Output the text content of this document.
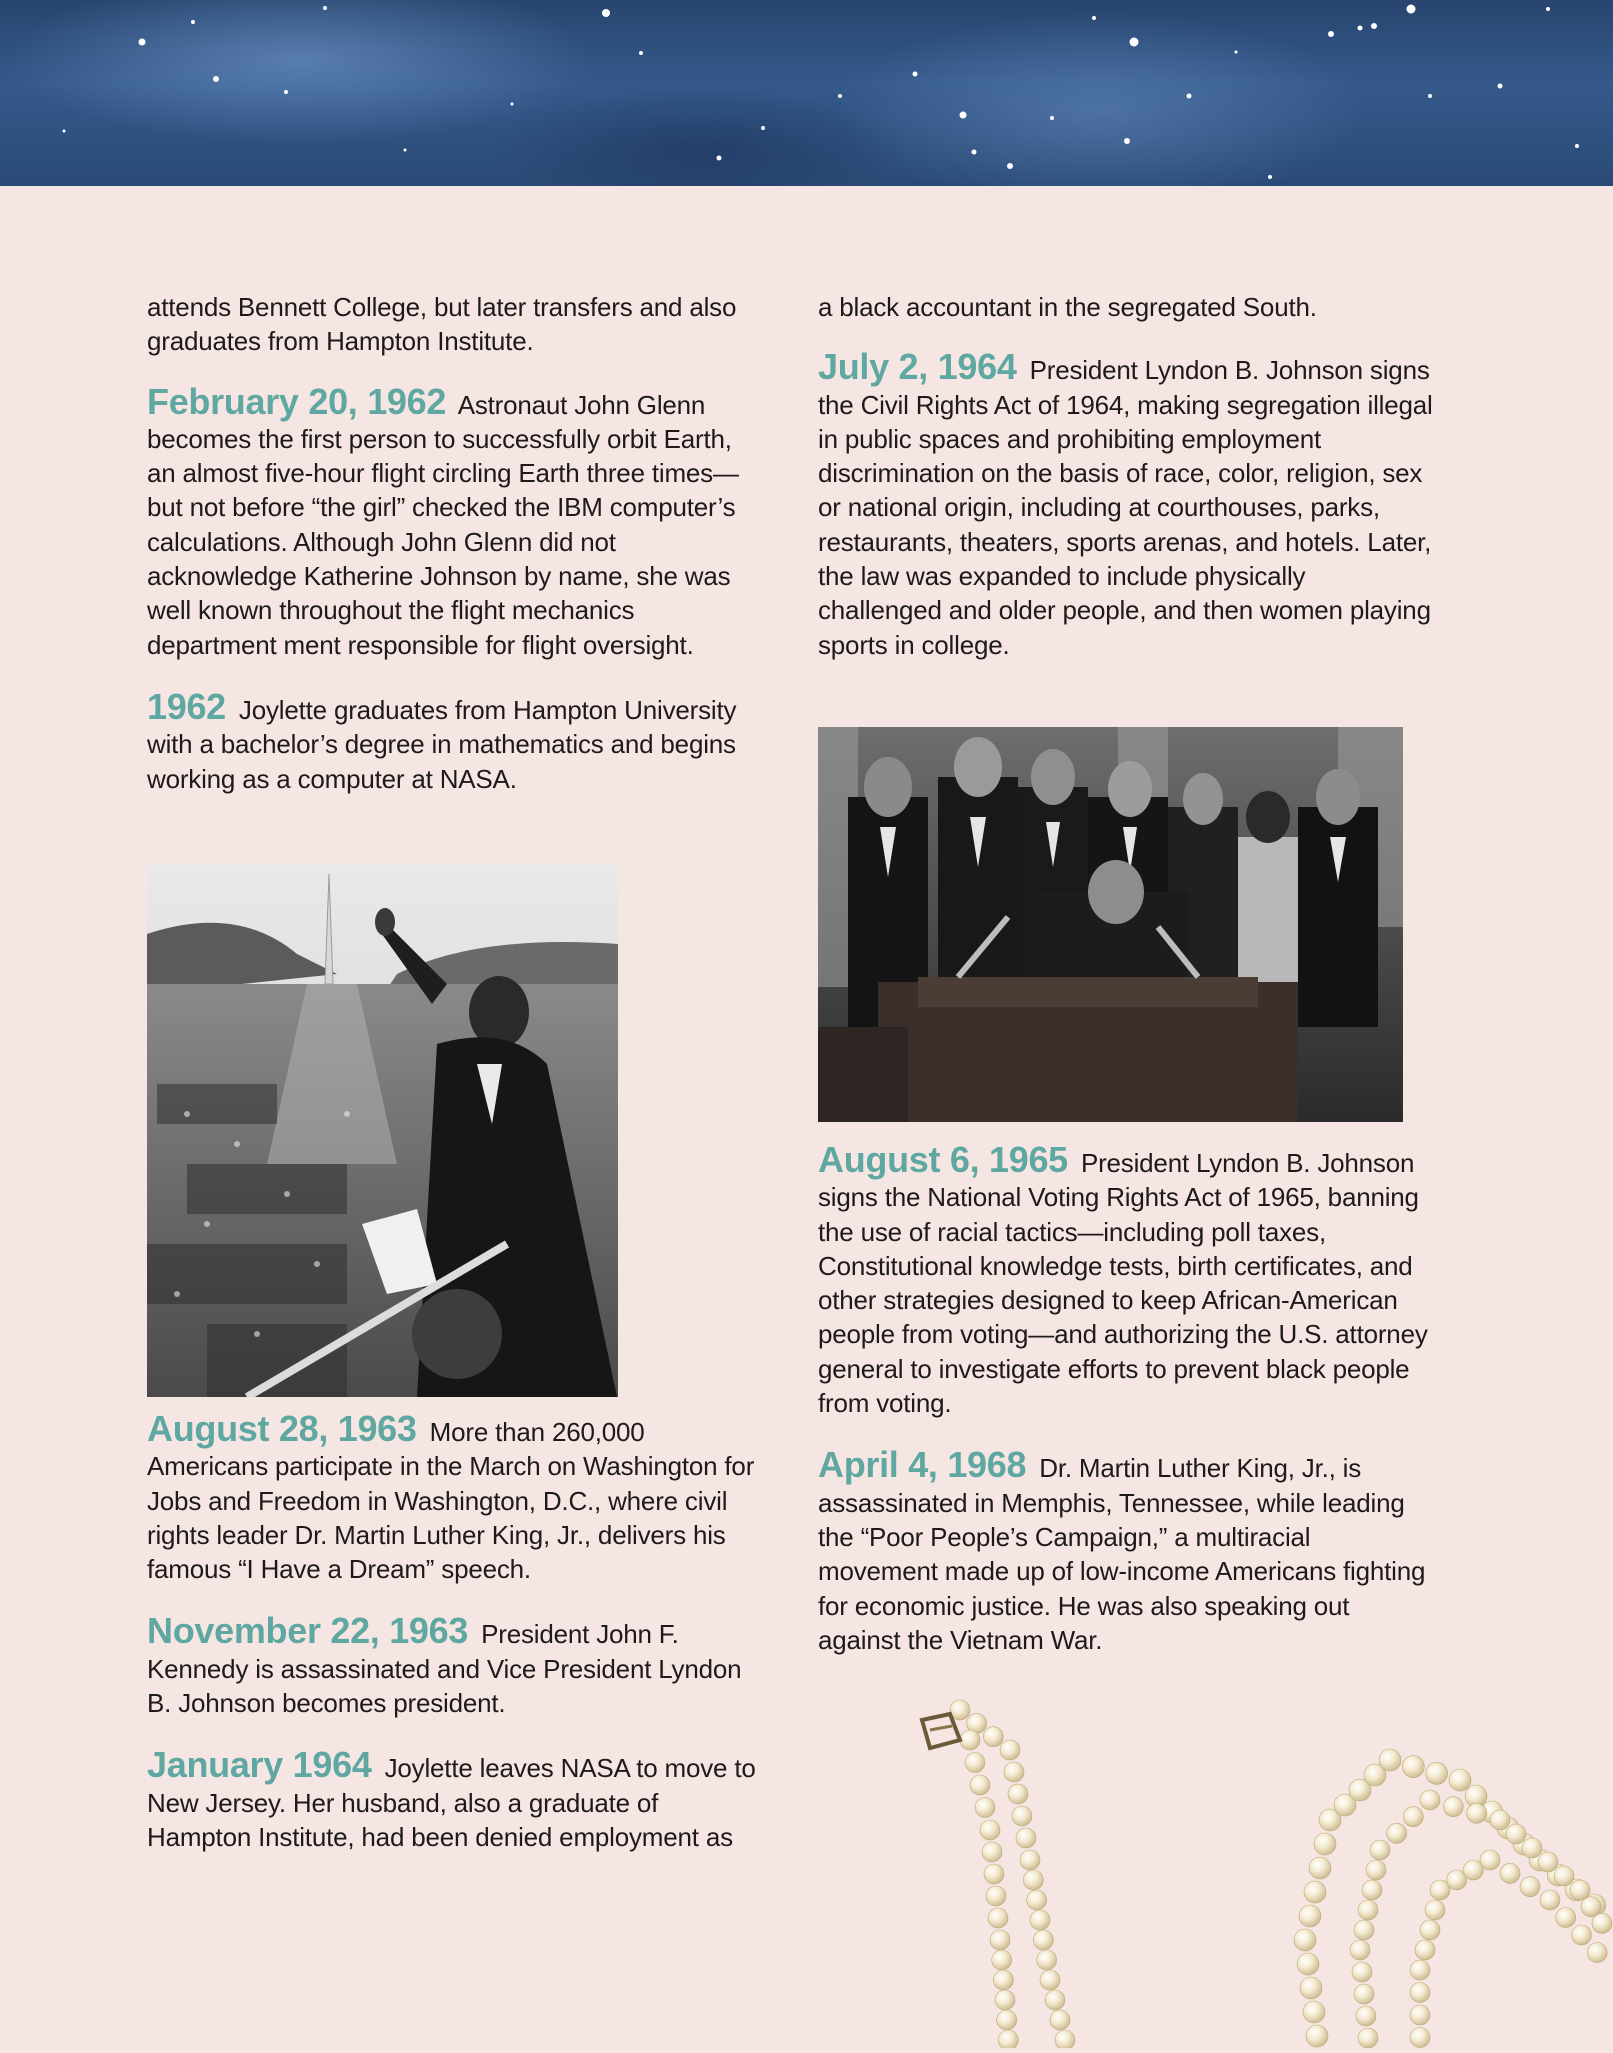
attends Bennett College, but later transfers and also graduates from Hampton Institute.

February 20, 1962 Astronaut John Glenn becomes the first person to successfully orbit Earth, an almost five-hour flight circling Earth three times—but not before “the girl” checked the IBM computer’s calculations. Although John Glenn did not acknowledge Katherine Johnson by name, she was well known throughout the flight mechanics department ment responsible for flight oversight.

1962 Joylette graduates from Hampton University with a bachelor’s degree in mathematics and begins working as a computer at NASA.

August 28, 1963 More than 260,000 Americans participate in the March on Washington for Jobs and Freedom in Washington, D.C., where civil rights leader Dr. Martin Luther King, Jr., delivers his famous “I Have a Dream” speech.

November 22, 1963 President John F. Kennedy is assassinated and Vice President Lyndon B. Johnson becomes president.

January 1964 Joylette leaves NASA to move to New Jersey. Her husband, also a graduate of Hampton Institute, had been denied employment as

a black accountant in the segregated South.

July 2, 1964 President Lyndon B. Johnson signs the Civil Rights Act of 1964, making segregation illegal in public spaces and prohibiting employment discrimination on the basis of race, color, religion, sex or national origin, including at courthouses, parks, restaurants, theaters, sports arenas, and hotels. Later, the law was expanded to include physically challenged and older people, and then women playing sports in college.

August 6, 1965 President Lyndon B. Johnson signs the National Voting Rights Act of 1965, banning the use of racial tactics—including poll taxes, Constitutional knowledge tests, birth certificates, and other strategies designed to keep African-American people from voting—and authorizing the U.S. attorney general to investigate efforts to prevent black people from voting.

April 4, 1968 Dr. Martin Luther King, Jr., is assassinated in Memphis, Tennessee, while leading the “Poor People’s Campaign,” a multiracial movement made up of low-income Americans fighting for economic justice. He was also speaking out against the Vietnam War.
